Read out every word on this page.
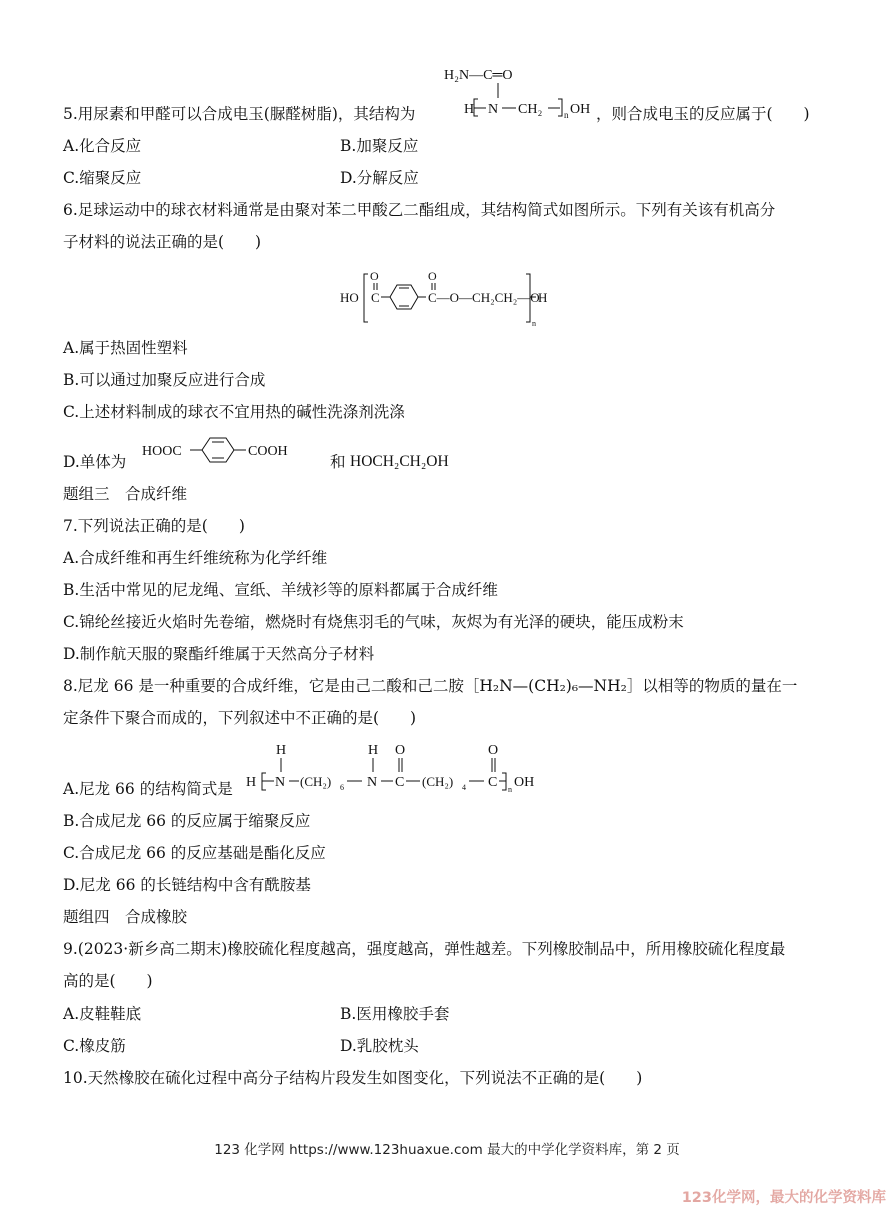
H₂N—C═O
H N CH₂ n OH
5.用尿素和甲醛可以合成电玉(脲醛树脂)，其结构为	，则合成电玉的反应属于(　　)
A.化合反应	B.加聚反应
C.缩聚反应	D.分解反应
6.足球运动中的球衣材料通常是由聚对苯二甲酸乙二酯组成，其结构简式如图所示。下列有关该有机高分
子材料的说法正确的是(　　)
HO
O
C
O
C—O—CH₂CH₂—O
H
n
A.属于热固性塑料
B.可以通过加聚反应进行合成
C.上述材料制成的球衣不宜用热的碱性洗涤剂洗涤
D.单体为
HOOC	COOH
和 HOCH₂CH₂OH
题组三　合成纤维
7.下列说法正确的是(　　)
A.合成纤维和再生纤维统称为化学纤维
B.生活中常见的尼龙绳、宣纸、羊绒衫等的原料都属于合成纤维
C.锦纶丝接近火焰时先卷缩，燃烧时有烧焦羽毛的气味，灰烬为有光泽的硬块，能压成粉末
D.制作航天服的聚酯纤维属于天然高分子材料
8.尼龙 66 是一种重要的合成纤维，它是由己二酸和己二胺［H₂N—(CH₂)₆—NH₂］以相等的物质的量在一
定条件下聚合而成的，下列叙述中不正确的是(　　)
A.尼龙 66 的结构简式是
H
H N (CH₂) 6
H
N
O
C (CH₂) 4
O
C n OH
B.合成尼龙 66 的反应属于缩聚反应
C.合成尼龙 66 的反应基础是酯化反应
D.尼龙 66 的长链结构中含有酰胺基
题组四　合成橡胶
9.(2023·新乡高二期末)橡胶硫化程度越高，强度越高，弹性越差。下列橡胶制品中，所用橡胶硫化程度最
高的是(　　)
A.皮鞋鞋底	B.医用橡胶手套
C.橡皮筋	D.乳胶枕头
10.天然橡胶在硫化过程中高分子结构片段发生如图变化，下列说法不正确的是(　　)
123 化学网 https://www.123huaxue.com 最大的中学化学资料库，第 2 页
123化学网，最大的化学资料库
